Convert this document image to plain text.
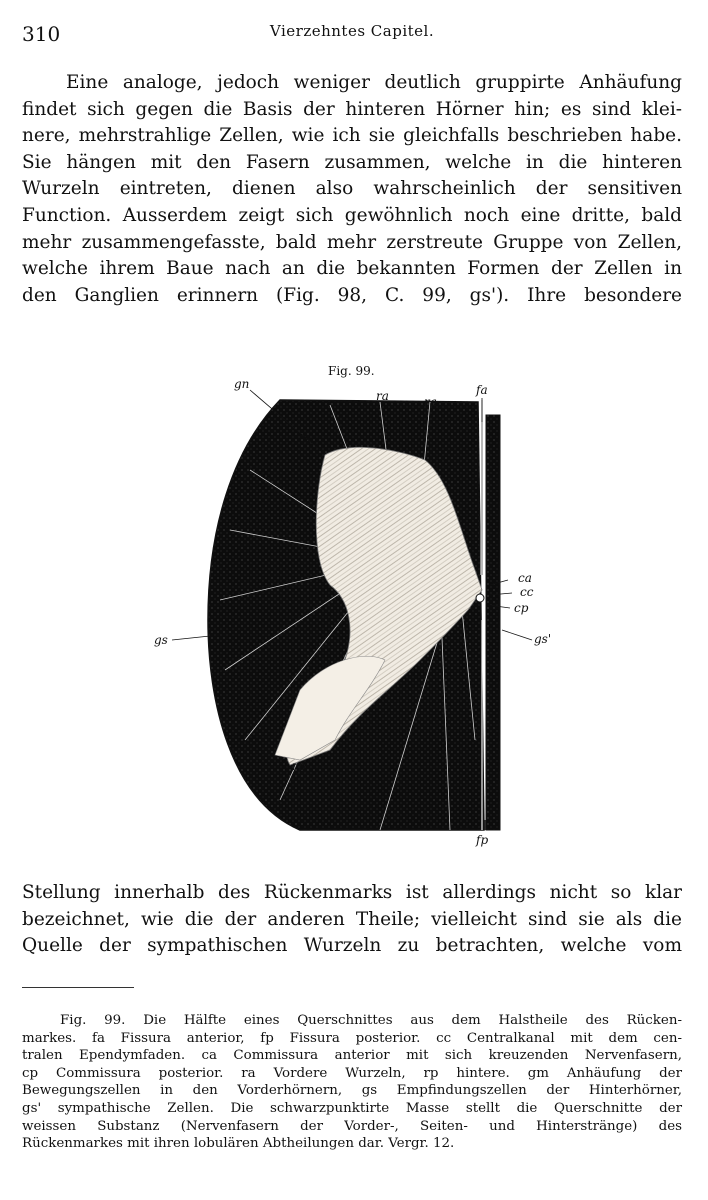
310	Vierzehntes Capitel.
Eine analoge, jedoch weniger deutlich gruppirte Anhäufung
findet sich gegen die Basis der hinteren Hörner hin; es sind klei-
nere, mehrstrahlige Zellen, wie ich sie gleichfalls beschrieben habe.
Sie hängen mit den Fasern zusammen, welche in die hinteren
Wurzeln eintreten, dienen also wahrscheinlich der sensitiven
Function. Ausserdem zeigt sich gewöhnlich noch eine dritte, bald
mehr zusammengefasste, bald mehr zerstreute Gruppe von Zellen,
welche ihrem Baue nach an die bekannten Formen der Zellen in
den Ganglien erinnern (Fig. 98, C. 99, gs'). Ihre besondere
Fig. 99.
gn
ra	ra
fa
ca
cc
cp
gs	gs'
rp
fp
Stellung innerhalb des Rückenmarks ist allerdings nicht so klar
bezeichnet, wie die der anderen Theile; vielleicht sind sie als die
Quelle der sympathischen Wurzeln zu betrachten, welche vom
Fig. 99. Die Hälfte eines Querschnittes aus dem Halstheile des Rücken-
markes. fa Fissura anterior, fp Fissura posterior. cc Centralkanal mit dem cen-
tralen Ependymfaden. ca Commissura anterior mit sich kreuzenden Nervenfasern,
cp Commissura posterior. ra Vordere Wurzeln, rp hintere. gm Anhäufung der
Bewegungszellen in den Vorderhörnern, gs Empfindungszellen der Hinterhörner,
gs' sympathische Zellen. Die schwarzpunktirte Masse stellt die Querschnitte der
weissen Substanz (Nervenfasern der Vorder-, Seiten- und Hinterstränge) des
Rückenmarkes mit ihren lobulären Abtheilungen dar. Vergr. 12.
